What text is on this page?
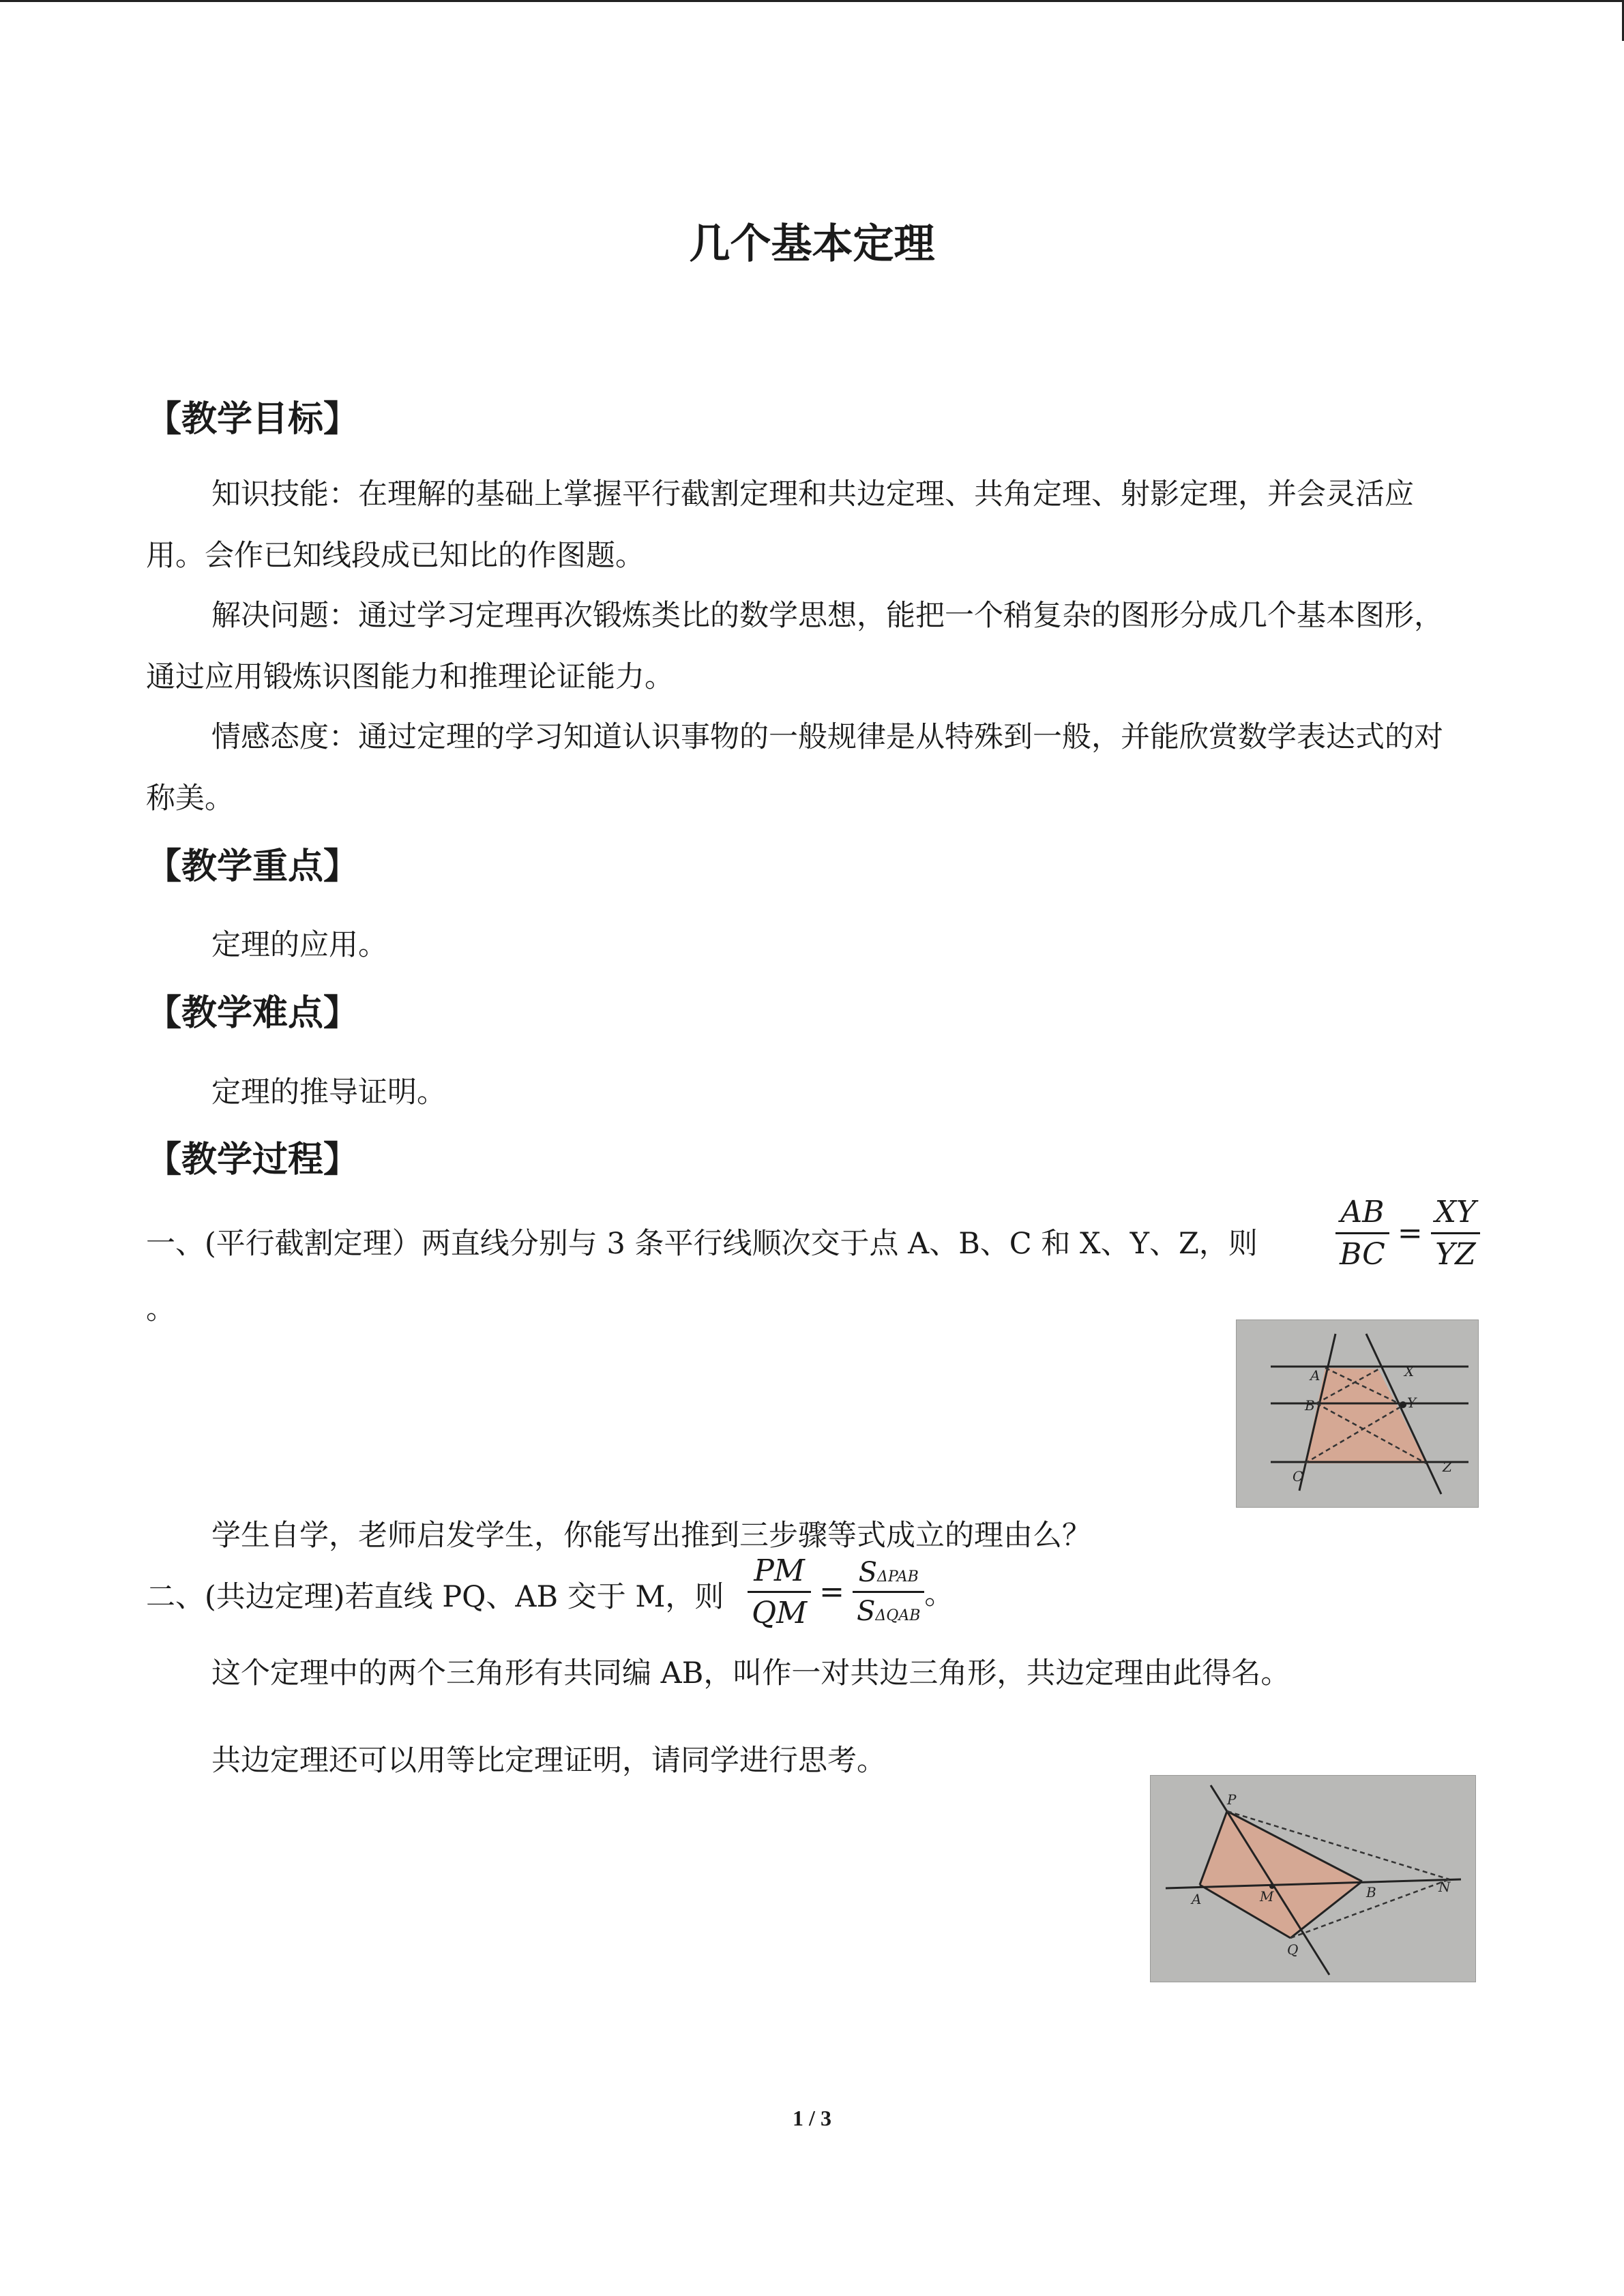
几个基本定理
【教学目标】

知识技能：在理解的基础上掌握平行截割定理和共边定理、共角定理、射影定理，并会灵活应用。会作已知线段成已知比的作图题。

解决问题：通过学习定理再次锻炼类比的数学思想，能把一个稍复杂的图形分成几个基本图形，通过应用锻炼识图能力和推理论证能力。

情感态度：通过定理的学习知道认识事物的一般规律是从特殊到一般，并能欣赏数学表达式的对称美。

【教学重点】
定理的应用。
【教学难点】
定理的推导证明。
【教学过程】
一、(平行截割定理）两直线分别与 3 条平行线顺次交于点 A、B、C 和 X、Y、Z，则	$\frac{AB}{BC} = \frac{XY}{YZ}$
。
A	X
B	Y
C
Z
学生自学，老师启发学生，你能写出推到三步骤等式成立的理由么？
二、(共边定理)若直线 PQ、AB 交于 M，则 $\frac{PM}{QM} = \frac{\text{SΔPAB}}{\text{SΔQAB}}$ 。
这个定理中的两个三角形有共同编 AB，叫作一对共边三角形，共边定理由此得名。
共边定理还可以用等比定理证明，请同学进行思考。
P
A	M	B	N
Q
1 / 3
